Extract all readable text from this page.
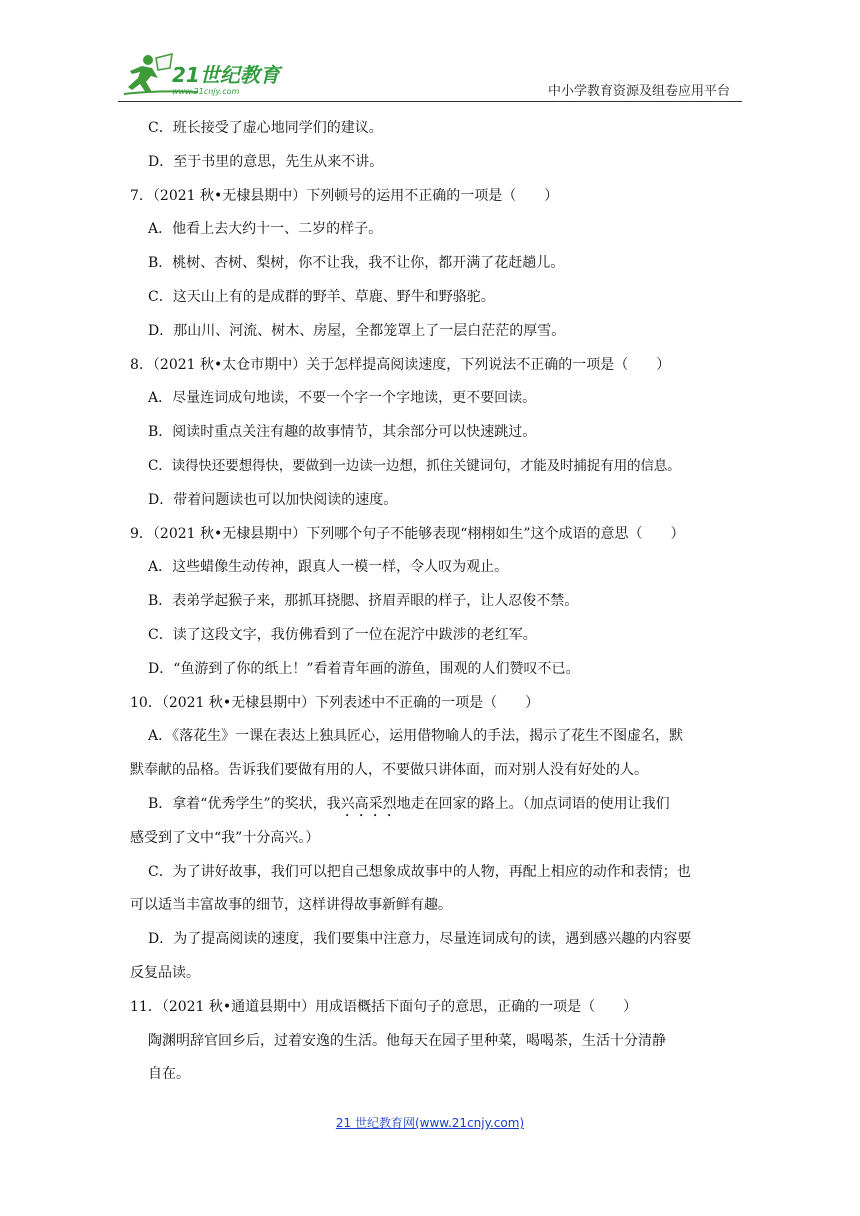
21世纪教育
www.21cnjy.com	中小学教育资源及组卷应用平台
C．班长接受了虚心地同学们的建议。
D．至于书里的意思，先生从来不讲。
7．（2021 秋•无棣县期中）下列顿号的运用不正确的一项是（　　）
A．他看上去大约十一、二岁的样子。
B．桃树、杏树、梨树，你不让我，我不让你，都开满了花赶趟儿。
C．这天山上有的是成群的野羊、草鹿、野牛和野骆驼。
D．那山川、河流、树木、房屋，全都笼罩上了一层白茫茫的厚雪。
8．（2021 秋•太仓市期中）关于怎样提高阅读速度，下列说法不正确的一项是（　　）
A．尽量连词成句地读，不要一个字一个字地读，更不要回读。
B．阅读时重点关注有趣的故事情节，其余部分可以快速跳过。
C．读得快还要想得快，要做到一边读一边想，抓住关键词句，才能及时捕捉有用的信息。
D．带着问题读也可以加快阅读的速度。
9．（2021 秋•无棣县期中）下列哪个句子不能够表现“栩栩如生”这个成语的意思（　　）
A．这些蜡像生动传神，跟真人一模一样，令人叹为观止。
B．表弟学起猴子来，那抓耳挠腮、挤眉弄眼的样子，让人忍俊不禁。
C．读了这段文字，我仿佛看到了一位在泥泞中跋涉的老红军。
D．“鱼游到了你的纸上！”看着青年画的游鱼，围观的人们赞叹不已。
10．（2021 秋•无棣县期中）下列表述中不正确的一项是（　　）
A．《落花生》一课在表达上独具匠心，运用借物喻人的手法，揭示了花生不图虚名，默
默奉献的品格。告诉我们要做有用的人，不要做只讲体面，而对别人没有好处的人。
B．拿着“优秀学生”的奖状，我兴高采烈地走在回家的路上。（加点词语的使用让我们
感受到了文中“我”十分高兴。）
C．为了讲好故事，我们可以把自己想象成故事中的人物，再配上相应的动作和表情；也
可以适当丰富故事的细节，这样讲得故事新鲜有趣。
D．为了提高阅读的速度，我们要集中注意力，尽量连词成句的读，遇到感兴趣的内容要
反复品读。
11．（2021 秋•通道县期中）用成语概括下面句子的意思，正确的一项是（　　）
陶渊明辞官回乡后，过着安逸的生活。他每天在园子里种菜，喝喝茶，生活十分清静
自在。
21 世纪教育网(www.21cnjy.com)
